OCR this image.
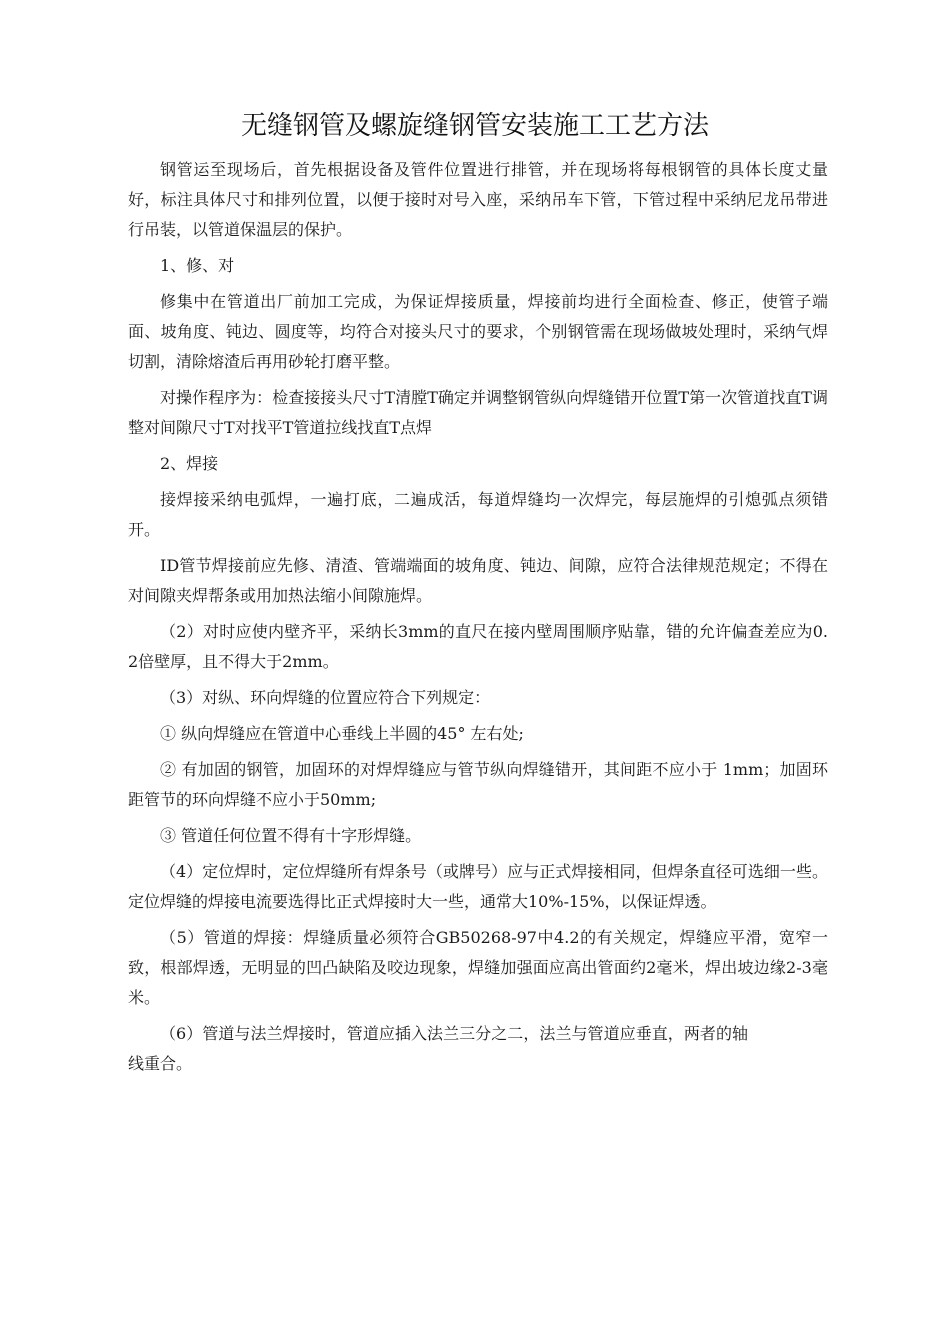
无缝钢管及螺旋缝钢管安装施工工艺方法

钢管运至现场后，首先根据设备及管件位置进行排管，并在现场将每根钢管的具体长度丈量好，标注具体尺寸和排列位置，以便于接时对号入座，采纳吊车下管，下管过程中采纳尼龙吊带进行吊装，以管道保温层的保护。

1、修、对

修集中在管道出厂前加工完成，为保证焊接质量，焊接前均进行全面检查、修正，使管子端面、坡角度、钝边、圆度等，均符合对接头尺寸的要求，个别钢管需在现场做坡处理时，采纳气焊切割，清除熔渣后再用砂轮打磨平整。

对操作程序为：检查接接头尺寸T清膛T确定并调整钢管纵向焊缝错开位置T第一次管道找直T调整对间隙尺寸T对找平T管道拉线找直T点焊

2、焊接

接焊接采纳电弧焊，一遍打底，二遍成活，每道焊缝均一次焊完，每层施焊的引熄弧点须错开。

ID管节焊接前应先修、清渣、管端端面的坡角度、钝边、间隙，应符合法律规范规定；不得在对间隙夹焊帮条或用加热法缩小间隙施焊。

（2）对时应使内壁齐平，采纳长3mm的直尺在接内壁周围顺序贴靠，错的允许偏查差应为0.2倍壁厚，且不得大于2mm。

（3）对纵、环向焊缝的位置应符合下列规定：

① 纵向焊缝应在管道中心垂线上半圆的45° 左右处;

② 有加固的钢管，加固环的对焊焊缝应与管节纵向焊缝错开，其间距不应小于 1mm；加固环距管节的环向焊缝不应小于50mm;

③ 管道任何位置不得有十字形焊缝。

（4）定位焊时，定位焊缝所有焊条号（或牌号）应与正式焊接相同，但焊条直径可选细一些。定位焊缝的焊接电流要选得比正式焊接时大一些，通常大10%-15%，以保证焊透。

（5）管道的焊接：焊缝质量必须符合GB50268-97中4.2的有关规定，焊缝应平滑，宽窄一致，根部焊透，无明显的凹凸缺陷及咬边现象，焊缝加强面应高出管面约2毫米，焊出坡边缘2-3毫米。

（6）管道与法兰焊接时，管道应插入法兰三分之二，法兰与管道应垂直，两者的轴线重合。
